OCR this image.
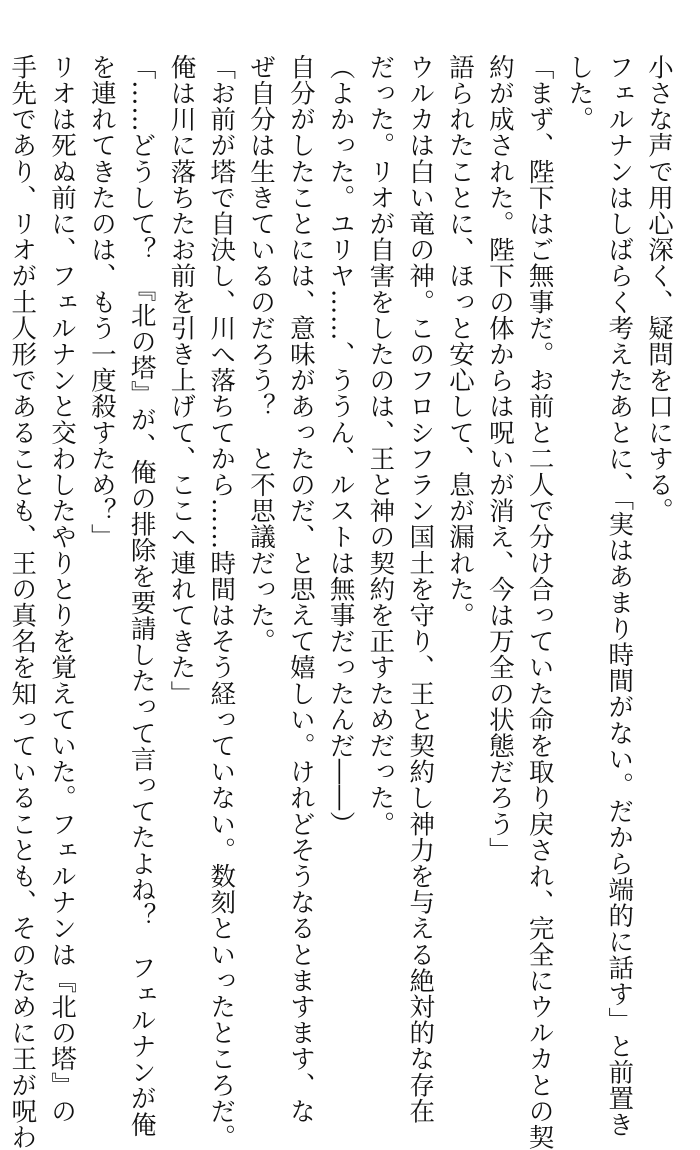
小さな声で用心深く、疑問を口にする。
フェルナンはしばらく考えたあとに、「実はあまり時間がない。だから端的に話す」と前置き
した。
「まず、陛下はご無事だ。お前と二人で分け合っていた命を取り戻され、完全にウルカとの契
約が成された。陛下の体からは呪いが消え、今は万全の状態だろう」
語られたことに、ほっと安心して、息が漏れた。
ウルカは白い竜の神。このフロシフラン国土を守り、王と契約し神力を与える絶対的な存在
だった。リオが自害をしたのは、王と神の契約を正すためだった。
（よかった。ユリヤ……、ううん、ルストは無事だったんだ――）
自分がしたことには、意味があったのだ、と思えて嬉しい。けれどそうなるとますます、な
ぜ自分は生きているのだろう？　と不思議だった。
「お前が塔で自決し、川へ落ちてから……時間はそう経っていない。数刻といったところだ。
俺は川に落ちたお前を引き上げて、ここへ連れてきた」
「……どうして？　『北の塔』が、俺の排除を要請したって言ってたよね？　フェルナンが俺
を連れてきたのは、もう一度殺すため？」
リオは死ぬ前に、フェルナンと交わしたやりとりを覚えていた。フェルナンは『北の塔』の
手先であり、リオが土人形であることも、王の真名を知っていることも、そのために王が呪わ
